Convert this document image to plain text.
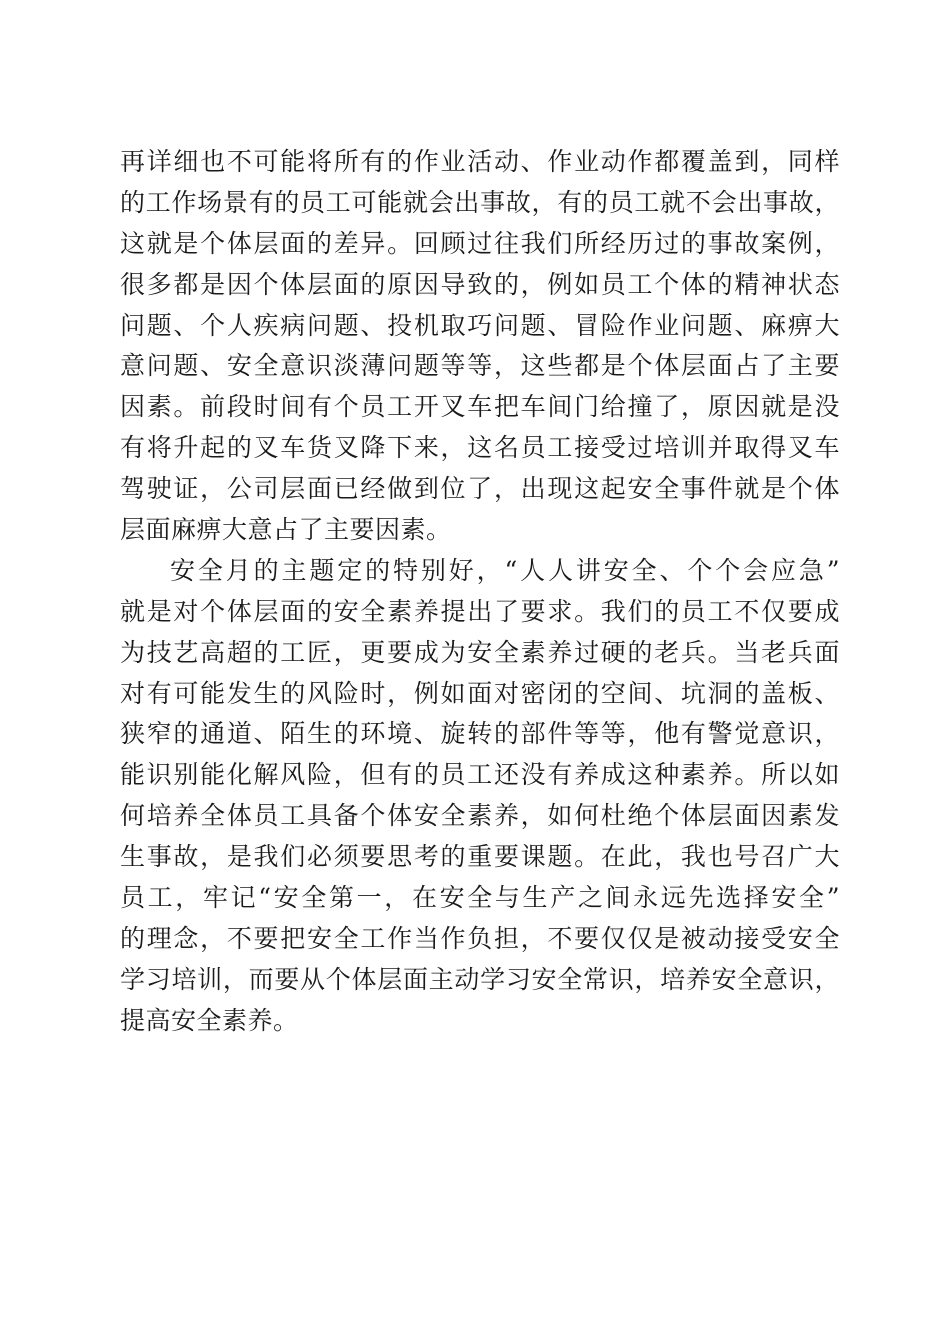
再详细也不可能将所有的作业活动、作业动作都覆盖到，同样
的工作场景有的员工可能就会出事故，有的员工就不会出事故，
这就是个体层面的差异。回顾过往我们所经历过的事故案例，
很多都是因个体层面的原因导致的，例如员工个体的精神状态
问题、个人疾病问题、投机取巧问题、冒险作业问题、麻痹大
意问题、安全意识淡薄问题等等，这些都是个体层面占了主要
因素。前段时间有个员工开叉车把车间门给撞了，原因就是没
有将升起的叉车货叉降下来，这名员工接受过培训并取得叉车
驾驶证，公司层面已经做到位了，出现这起安全事件就是个体
层面麻痹大意占了主要因素。
安全月的主题定的特别好，“人人讲安全、个个会应急”
就是对个体层面的安全素养提出了要求。我们的员工不仅要成
为技艺高超的工匠，更要成为安全素养过硬的老兵。当老兵面
对有可能发生的风险时，例如面对密闭的空间、坑洞的盖板、
狭窄的通道、陌生的环境、旋转的部件等等，他有警觉意识，
能识别能化解风险，但有的员工还没有养成这种素养。所以如
何培养全体员工具备个体安全素养，如何杜绝个体层面因素发
生事故，是我们必须要思考的重要课题。在此，我也号召广大
员工，牢记“安全第一，在安全与生产之间永远先选择安全”
的理念，不要把安全工作当作负担，不要仅仅是被动接受安全
学习培训，而要从个体层面主动学习安全常识，培养安全意识，
提高安全素养。
